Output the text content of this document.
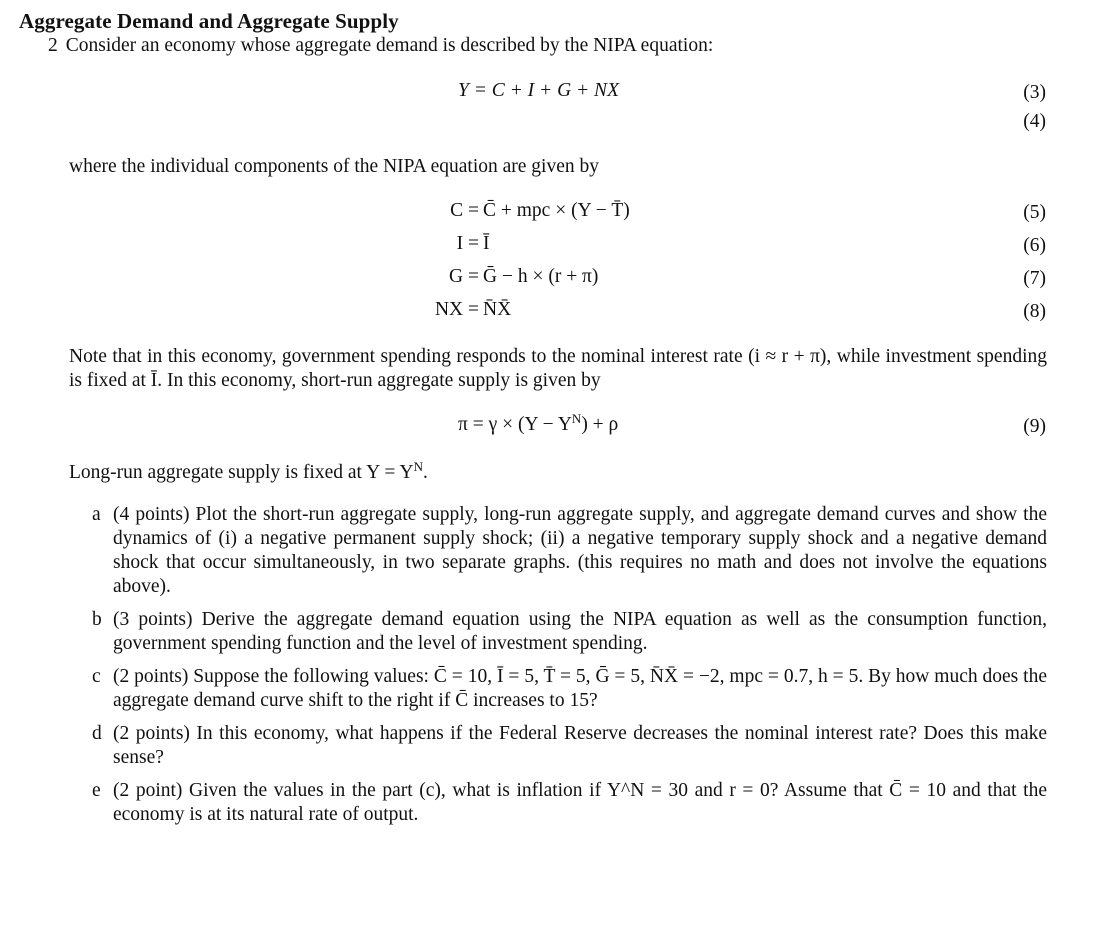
Aggregate Demand and Aggregate Supply
2 Consider an economy whose aggregate demand is described by the NIPA equation:
Y = C + I + G + NX	(3)
(4)
where the individual components of the NIPA equation are given by
C = C̄ + mpc × (Y − T̄)	(5)
I = Ī	(6)
G = Ḡ − h × (r + π)	(7)
NX = N̄X̄	(8)
Note that in this economy, government spending responds to the nominal interest rate (i ≈ r + π), while investment spending is fixed at Ī. In this economy, short-run aggregate supply is given by
$\pi = \gamma \times (Y - Y^N) + \rho$	(9)
Long-run aggregate supply is fixed at $Y = Y^N$.
a (4 points) Plot the short-run aggregate supply, long-run aggregate supply, and aggregate demand curves and show the dynamics of (i) a negative permanent supply shock; (ii) a negative temporary supply shock and a negative demand shock that occur simultaneously, in two separate graphs. (this requires no math and does not involve the equations above).
b (3 points) Derive the aggregate demand equation using the NIPA equation as well as the consumption function, government spending function and the level of investment spending.
c (2 points) Suppose the following values: C̄ = 10, Ī = 5, T̄ = 5, Ḡ = 5, N̄X̄ = −2, mpc = 0.7, h = 5. By how much does the aggregate demand curve shift to the right if C̄ increases to 15?
d (2 points) In this economy, what happens if the Federal Reserve decreases the nominal interest rate? Does this make sense?
e (2 point) Given the values in the part (c), what is inflation if Y^N = 30 and r = 0? Assume that C̄ = 10 and that the economy is at its natural rate of output.
